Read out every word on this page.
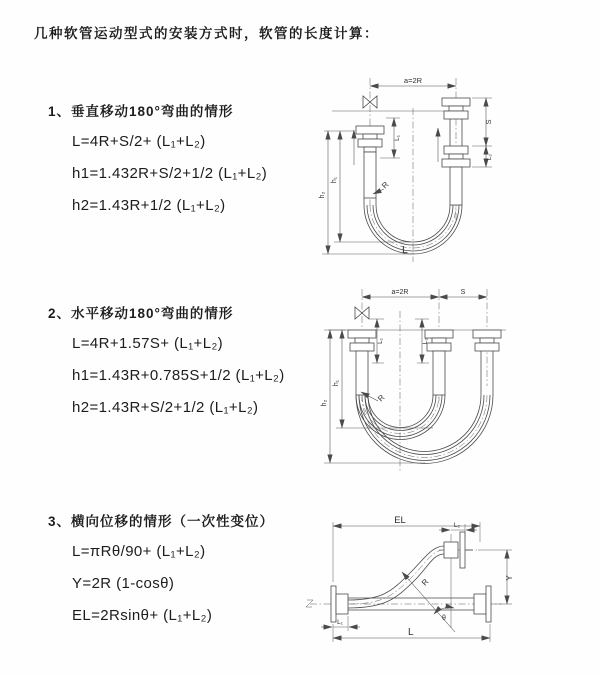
几种软管运动型式的安装方式时，软管的长度计算：
1、垂直移动180°弯曲的情形
L=4R+S/2+ (L₁+L₂)
h1=1.432R+S/2+1/2 (L₁+L₂)
h2=1.43R+1/2 (L₁+L₂)
2、水平移动180°弯曲的情形
L=4R+1.57S+ (L₁+L₂)
h1=1.43R+0.785S+1/2 (L₁+L₂)
h2=1.43R+S/2+1/2 (L₁+L₂)
3、横向位移的情形（一次性变位）
L=πRθ/90+ (L₁+L₂)
Y=2R (1-cosθ)
EL=2Rsinθ+ (L₁+L₂)
a=2R
L₁
S
L₂
h₁
h₂
R
L
a=2R	S
L₁	L₂
h₁
h₂	R
R
θ
EL	L₂
Y
L
L₁
